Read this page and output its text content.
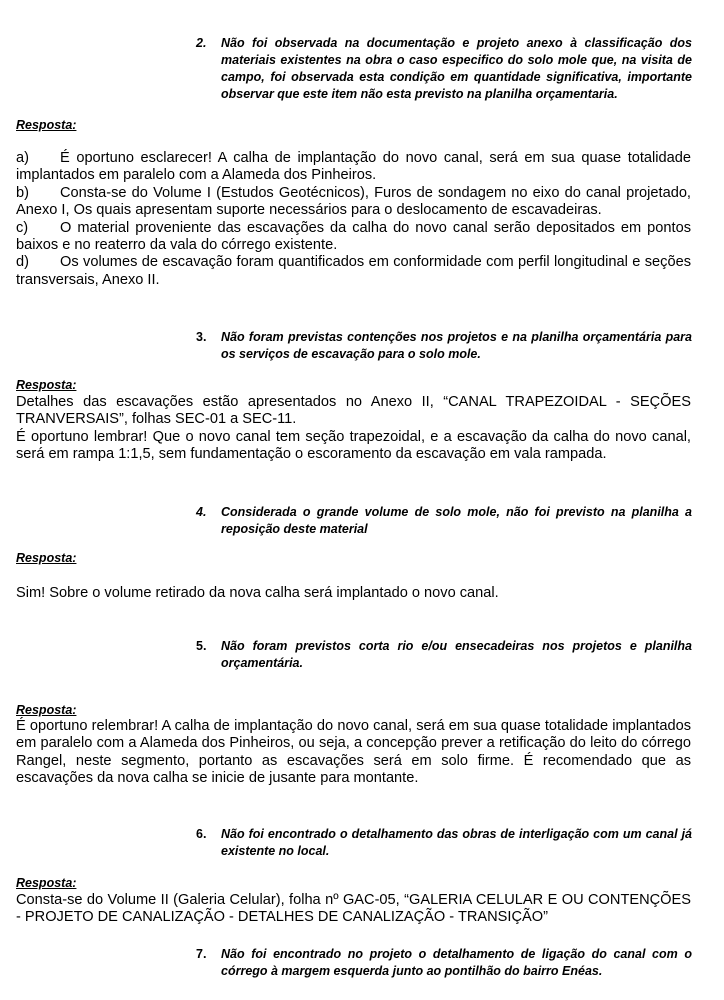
2. Não foi observada na documentação e projeto anexo à classificação dos materiais existentes na obra o caso especifico do solo mole que, na visita de campo, foi observada esta condição em quantidade significativa, importante observar que este item não esta previsto na planilha orçamentaria.
Resposta:
a) É oportuno esclarecer! A calha de implantação do novo canal, será em sua quase totalidade implantados em paralelo com a Alameda dos Pinheiros.
b) Consta-se do Volume I (Estudos Geotécnicos), Furos de sondagem no eixo do canal projetado, Anexo I, Os quais apresentam suporte necessários para o deslocamento de escavadeiras.
c) O material proveniente das escavações da calha do novo canal serão depositados em pontos baixos e no reaterro da vala do córrego existente.
d) Os volumes de escavação foram quantificados em conformidade com perfil longitudinal e seções transversais, Anexo II.
3. Não foram previstas contenções nos projetos e na planilha orçamentária para os serviços de escavação para o solo mole.
Resposta:
Detalhes das escavações estão apresentados no Anexo II, “CANAL TRAPEZOIDAL - SEÇÕES TRANVERSAIS”, folhas SEC-01 a SEC-11.
É oportuno lembrar! Que o novo canal tem seção trapezoidal, e a escavação da calha do novo canal, será em rampa 1:1,5, sem fundamentação o escoramento da escavação em vala rampada.
4. Considerada o grande volume de solo mole, não foi previsto na planilha a reposição deste material
Resposta:
Sim! Sobre o volume retirado da nova calha será implantado o novo canal.
5. Não foram previstos corta rio e/ou ensecadeiras nos projetos e planilha orçamentária.
Resposta:
É oportuno relembrar! A calha de implantação do novo canal, será em sua quase totalidade implantados em paralelo com a Alameda dos Pinheiros, ou seja, a concepção prever a retificação do leito do córrego Rangel, neste segmento, portanto as escavações será em solo firme. É recomendado que as escavações da nova calha se inicie de jusante para montante.
6. Não foi encontrado o detalhamento das obras de interligação com um canal já existente no local.
Resposta:
Consta-se do Volume II (Galeria Celular), folha nº GAC-05, “GALERIA CELULAR E OU CONTENÇÕES - PROJETO DE CANALIZAÇÃO - DETALHES DE CANALIZAÇÃO - TRANSIÇÃO”
7. Não foi encontrado no projeto o detalhamento de ligação do canal com o córrego à margem esquerda junto ao pontilhão do bairro Enéas.
